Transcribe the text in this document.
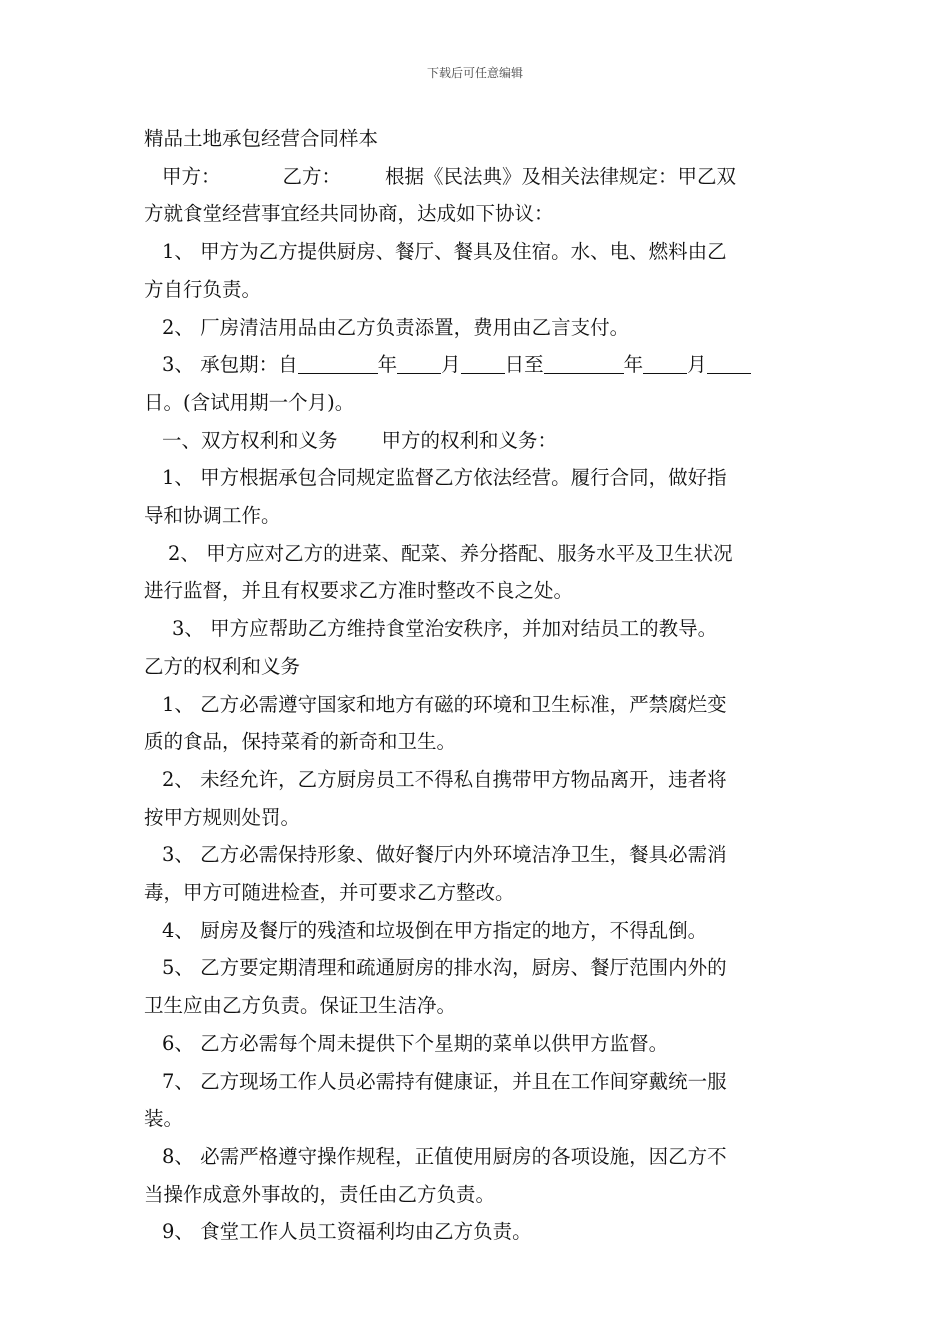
下载后可任意编辑

精品土地承包经营合同样本

甲方：	乙方： 根据《民法典》及相关法律规定：甲乙双

方就食堂经营事宜经共同协商，达成如下协议：

1、 甲方为乙方提供厨房、餐厅、餐具及住宿。水、电、燃料由乙

方自行负责。

2、 厂房清洁用品由乙方负责添置，费用由乙言支付。

3、 承包期：自	年 月 日至	年 月

日。(含试用期一个月)。

一、双方权利和义务 甲方的权利和义务：

1、 甲方根据承包合同规定监督乙方依法经营。履行合同，做好指

导和协调工作。

2、 甲方应对乙方的进菜、配菜、养分搭配、服务水平及卫生状况

进行监督，并且有权要求乙方准时整改不良之处。

3、 甲方应帮助乙方维持食堂治安秩序，并加对结员工的教导。

乙方的权利和义务

1、 乙方必需遵守国家和地方有磁的环境和卫生标准，严禁腐烂变

质的食品，保持菜肴的新奇和卫生。

2、 未经允许，乙方厨房员工不得私自携带甲方物品离开，违者将

按甲方规则处罚。

3、 乙方必需保持形象、做好餐厅内外环境洁净卫生，餐具必需消

毒，甲方可随进检查，并可要求乙方整改。

4、 厨房及餐厅的残渣和垃圾倒在甲方指定的地方，不得乱倒。

5、 乙方要定期清理和疏通厨房的排水沟，厨房、餐厅范围内外的

卫生应由乙方负责。保证卫生洁净。

6、 乙方必需每个周未提供下个星期的菜单以供甲方监督。

7、 乙方现场工作人员必需持有健康证，并且在工作间穿戴统一服

装。

8、 必需严格遵守操作规程，正值使用厨房的各项设施，因乙方不

当操作成意外事故的，责任由乙方负责。

9、 食堂工作人员工资福利均由乙方负责。
